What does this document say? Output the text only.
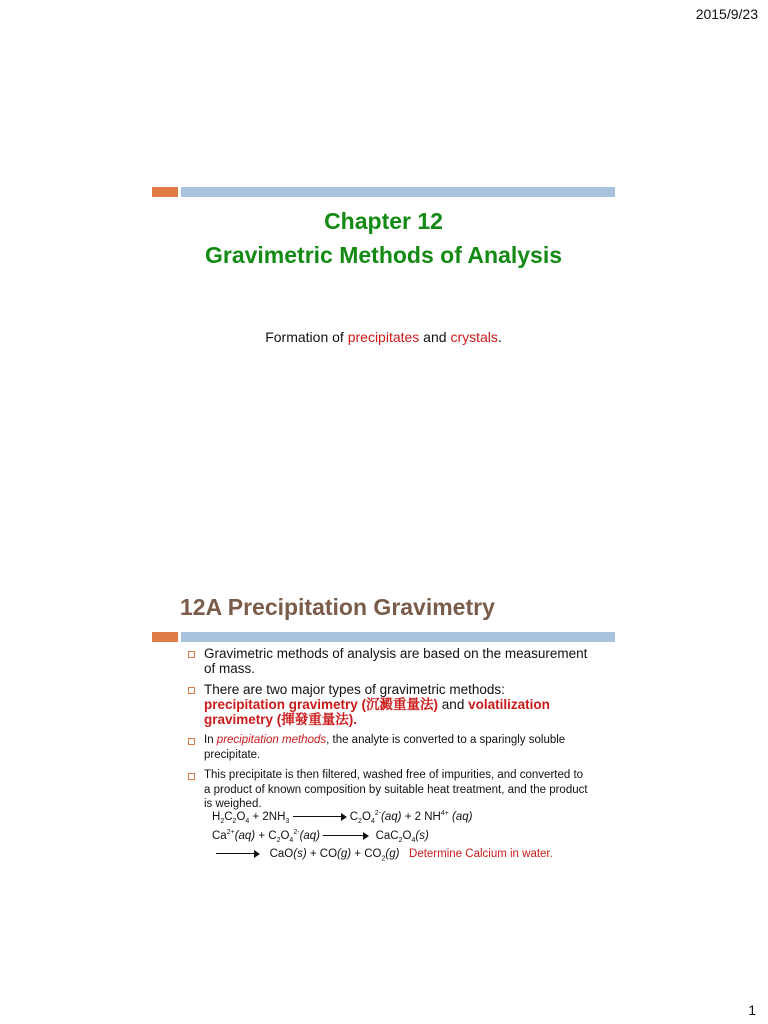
2015/9/23
Chapter 12
Gravimetric Methods of Analysis
Formation of precipitates and crystals.
12A Precipitation Gravimetry
Gravimetric methods of analysis are based on the measurement of mass.
There are two major types of gravimetric methods:
precipitation gravimetry (沉澱重量法) and volatilization gravimetry (揮發重量法).
In precipitation methods, the analyte is converted to a sparingly soluble precipitate.
This precipitate is then filtered, washed free of impurities, and converted to a product of known composition by suitable heat treatment, and the product is weighed.
$H_2C_2O_4 + 2NH_3$	$C_2O_4^{2-}(aq) + 2$ $NH^{4+}$ (aq)
$Ca^{2+}(aq) + C_2O_4^{2-}(aq)$	$CaC_2O_4(s)$
$CaO(s) + CO(g) + CO_2(g)$ Determine Calcium in water.
1
